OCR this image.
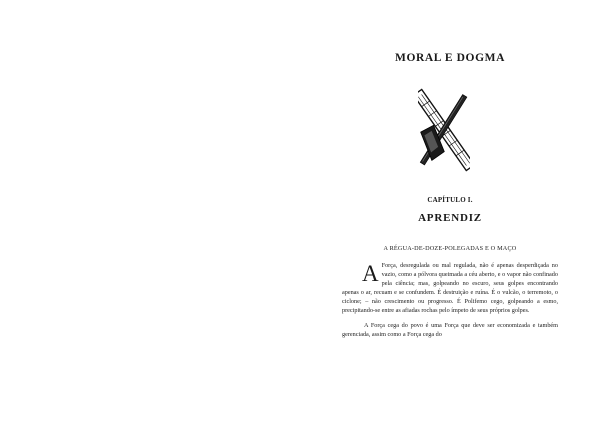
MORAL E DOGMA
CAPÍTULO I.
APRENDIZ
A RÉGUA-DE-DOZE-POLEGADAS E O MAÇO

A Força, desregulada ou mal regulada, não é apenas desperdiçada no vazio, como a pólvora queimada a céu aberto, e o vapor não confinado pela ciência; mas, golpeando no escuro, seus golpes encontrando apenas o ar, recuam e se confundem. É destruição e ruína. É o vulcão, o terremoto, o ciclone; – não crescimento ou progresso. É Polifemo cego, golpeando a esmo, precipitando-se entre as afiadas rochas pelo ímpeto de seus próprios golpes.

A Força cega do povo é uma Força que deve ser economizada e também gerenciada, assim como a Força cega do
